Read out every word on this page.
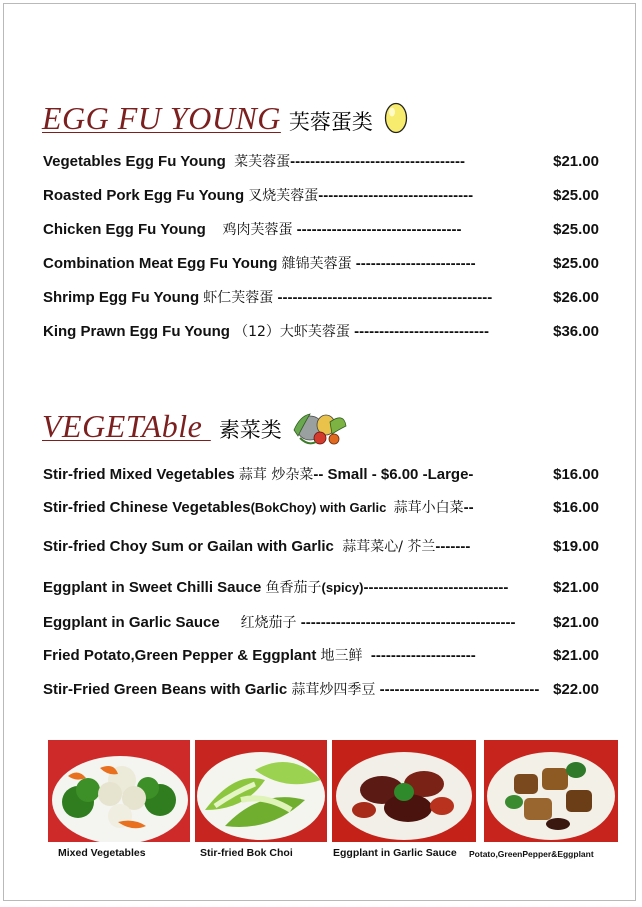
EGG FU YOUNG 芙蓉蛋类
Vegetables Egg Fu Young 菜芙蓉蛋-----------------------------------	$21.00
Roasted Pork Egg Fu Young 叉烧芙蓉蛋-------------------------------	$25.00
Chicken Egg Fu Young 鸡肉芙蓉蛋 ---------------------------------	$25.00
Combination Meat Egg Fu Young 雜锦芙蓉蛋 ------------------------	$25.00
Shrimp Egg Fu Young 虾仁芙蓉蛋 -------------------------------------------	$26.00
King Prawn Egg Fu Young （12）大虾芙蓉蛋 ---------------------------	$36.00
VEGETAble 素菜类
Stir-fried Mixed Vegetables 蒜茸 炒杂菜-- Small - $6.00 -Large-	$16.00
Stir-fried Chinese Vegetables(BokChoy) with Garlic  蒜茸小白菜--	$16.00
Stir-fried Choy Sum or Gailan with Garlic  蒜茸菜心/ 芥兰-------	$19.00
Eggplant in Sweet Chilli Sauce 鱼香茄子(spicy)-----------------------------	$21.00
Eggplant in Garlic Sauce     红烧茄子 -------------------------------------------	$21.00
Fried Potato,Green Pepper & Eggplant 地三鲜  ---------------------	$21.00
Stir-Fried Green Beans with Garlic 蒜茸炒四季豆 -------------------------------- $22.00
Mixed Vegetables	Stir-fried Bok Choi	Eggplant in Garlic Sauce Potato,GreenPepper&Eggplant
